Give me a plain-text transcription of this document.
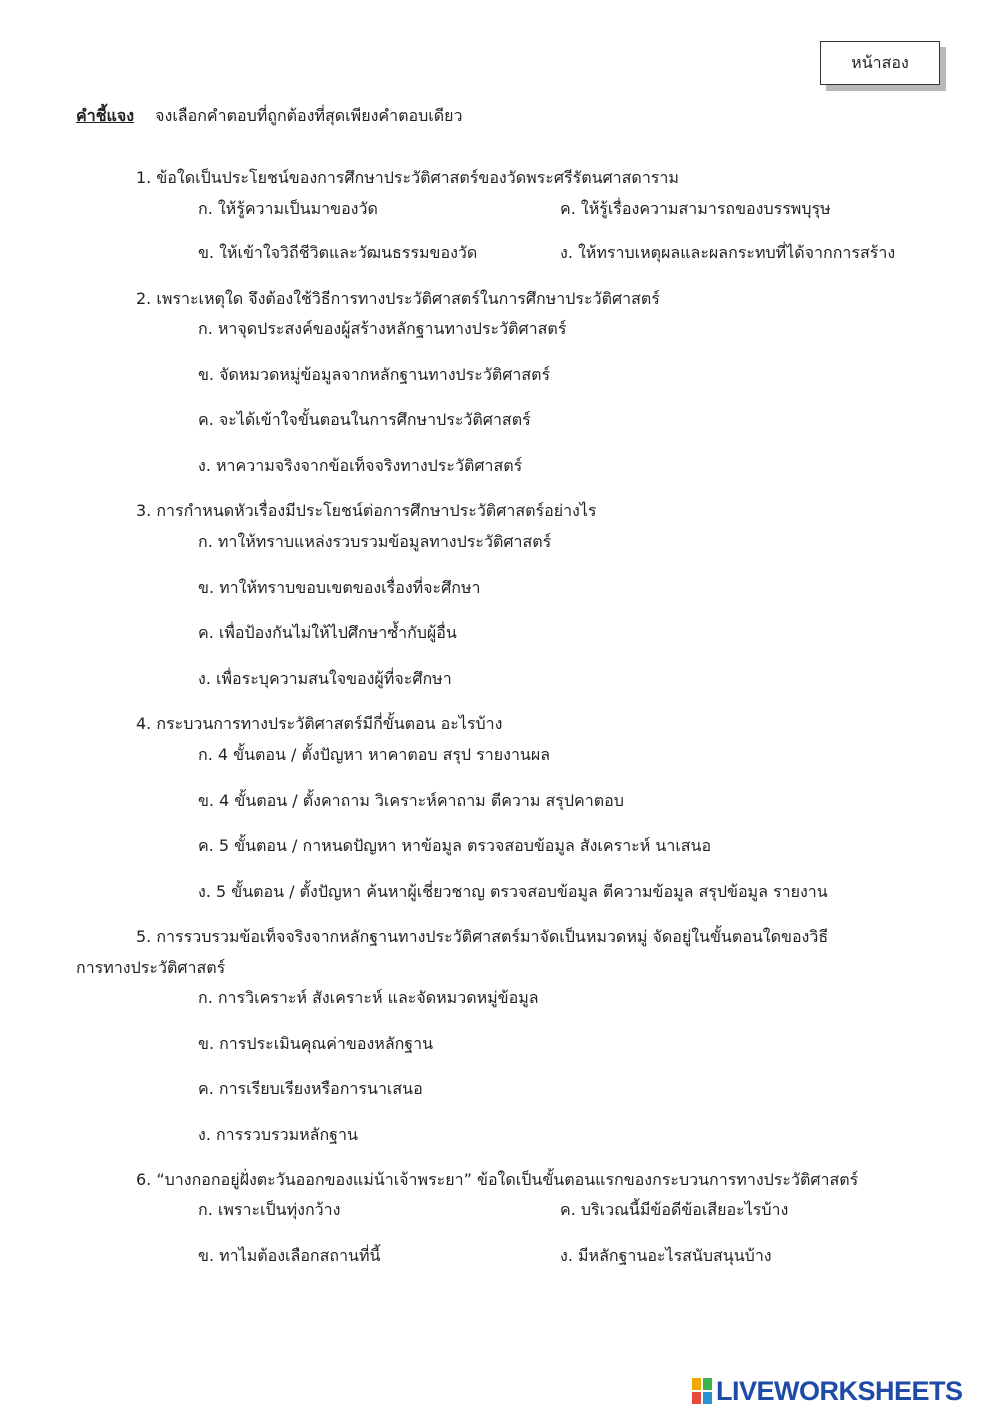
หน้าสอง
คำชี้แจง จงเลือกคำตอบที่ถูกต้องที่สุดเพียงคำตอบเดียว
1. ข้อใดเป็นประโยชน์ของการศึกษาประวัติศาสตร์ของวัดพระศรีรัตนศาสดาราม
ก. ให้รู้ความเป็นมาของวัด	ค. ให้รู้เรื่องความสามารถของบรรพบุรุษ
ข. ให้เข้าใจวิถีชีวิตและวัฒนธรรมของวัด	ง. ให้ทราบเหตุผลและผลกระทบที่ได้จากการสร้าง
2. เพราะเหตุใด จึงต้องใช้วิธีการทางประวัติศาสตร์ในการศึกษาประวัติศาสตร์
ก. หาจุดประสงค์ของผู้สร้างหลักฐานทางประวัติศาสตร์
ข. จัดหมวดหมู่ข้อมูลจากหลักฐานทางประวัติศาสตร์
ค. จะได้เข้าใจขั้นตอนในการศึกษาประวัติศาสตร์
ง. หาความจริงจากข้อเท็จจริงทางประวัติศาสตร์
3. การกำหนดหัวเรื่องมีประโยชน์ต่อการศึกษาประวัติศาสตร์อย่างไร
ก. ทาให้ทราบแหล่งรวบรวมข้อมูลทางประวัติศาสตร์
ข. ทาให้ทราบขอบเขตของเรื่องที่จะศึกษา
ค. เพื่อป้องกันไม่ให้ไปศึกษาซ้ำกับผู้อื่น
ง. เพื่อระบุความสนใจของผู้ที่จะศึกษา
4. กระบวนการทางประวัติศาสตร์มีกี่ขั้นตอน อะไรบ้าง
ก. 4 ขั้นตอน / ตั้งปัญหา หาคาตอบ สรุป รายงานผล
ข. 4 ขั้นตอน / ตั้งคาถาม วิเคราะห์คาถาม ตีความ สรุปคาตอบ
ค. 5 ขั้นตอน / กาหนดปัญหา หาข้อมูล ตรวจสอบข้อมูล สังเคราะห์ นาเสนอ
ง. 5 ขั้นตอน / ตั้งปัญหา ค้นหาผู้เชี่ยวชาญ ตรวจสอบข้อมูล ตีความข้อมูล สรุปข้อมูล รายงาน
5. การรวบรวมข้อเท็จจริงจากหลักฐานทางประวัติศาสตร์มาจัดเป็นหมวดหมู่ จัดอยู่ในขั้นตอนใดของวิธีการทางประวัติศาสตร์
ก. การวิเคราะห์ สังเคราะห์ และจัดหมวดหมู่ข้อมูล
ข. การประเมินคุณค่าของหลักฐาน
ค. การเรียบเรียงหรือการนาเสนอ
ง. การรวบรวมหลักฐาน
6. “บางกอกอยู่ฝั่งตะวันออกของแม่น้าเจ้าพระยา” ข้อใดเป็นขั้นตอนแรกของกระบวนการทางประวัติศาสตร์
ก. เพราะเป็นทุ่งกว้าง	ค. บริเวณนี้มีข้อดีข้อเสียอะไรบ้าง
ข. ทาไมต้องเลือกสถานที่นี้	ง. มีหลักฐานอะไรสนับสนุนบ้าง
LIVEWORKSHEETS
